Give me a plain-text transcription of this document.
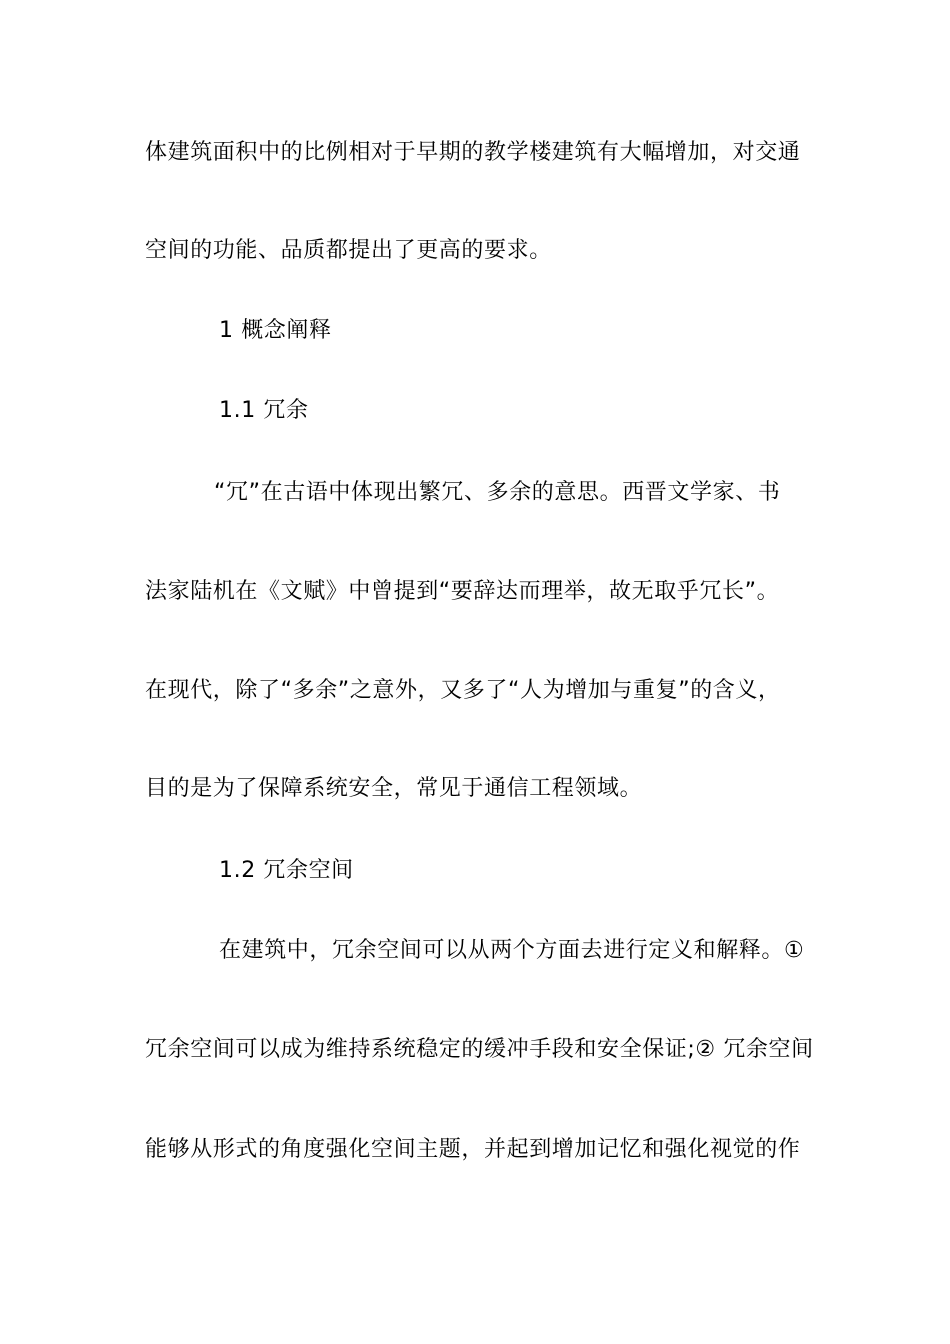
体建筑面积中的比例相对于早期的教学楼建筑有大幅增加，对交通
空间的功能、品质都提出了更高的要求。
1 概念阐释
1.1 冗余
“冗”在古语中体现出繁冗、多余的意思。西晋文学家、书
法家陆机在《文赋》中曾提到“要辞达而理举，故无取乎冗长”。
在现代，除了“多余”之意外，又多了“人为增加与重复”的含义，
目的是为了保障系统安全，常见于通信工程领域。
1.2 冗余空间
在建筑中，冗余空间可以从两个方面去进行定义和解释。①
冗余空间可以成为维持系统稳定的缓冲手段和安全保证;② 冗余空间
能够从形式的角度强化空间主题，并起到增加记忆和强化视觉的作
